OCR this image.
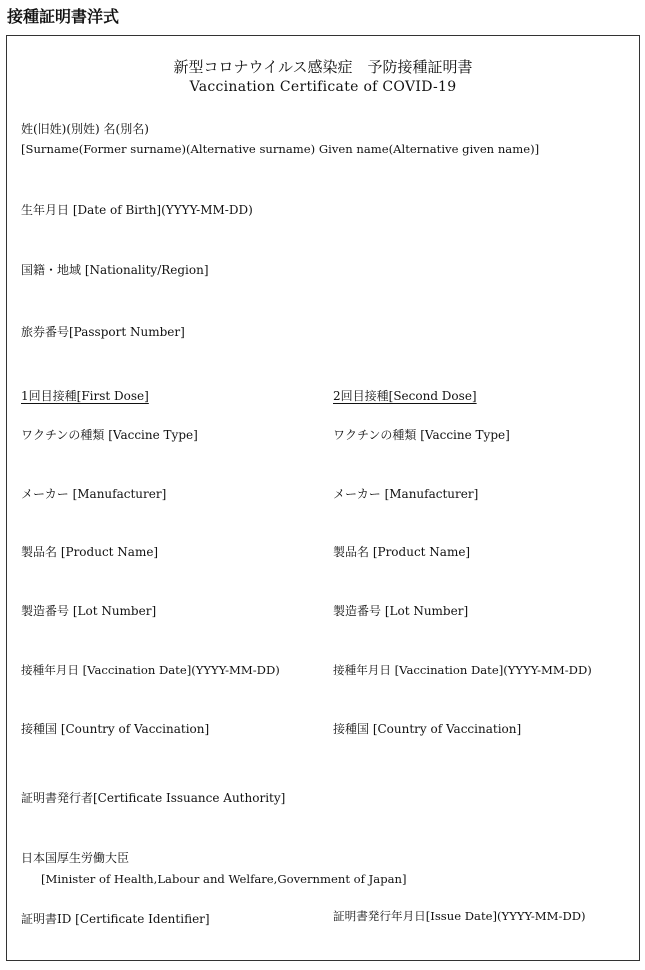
接種証明書洋式
新型コロナウイルス感染症　予防接種証明書
Vaccination Certificate of COVID-19
姓(旧姓)(別姓) 名(別名)
[Surname(Former surname)(Alternative surname) Given name(Alternative given name)]
生年月日 [Date of Birth](YYYY-MM-DD)
国籍・地域 [Nationality/Region]
旅券番号[Passport Number]
1回目接種[First Dose]
ワクチンの種類 [Vaccine Type]
メーカー [Manufacturer]
製品名 [Product Name]
製造番号 [Lot Number]
接種年月日 [Vaccination Date](YYYY-MM-DD)
接種国 [Country of Vaccination]
2回目接種[Second Dose]
ワクチンの種類 [Vaccine Type]
メーカー [Manufacturer]
製品名 [Product Name]
製造番号 [Lot Number]
接種年月日 [Vaccination Date](YYYY-MM-DD)
接種国 [Country of Vaccination]
証明書発行者[Certificate Issuance Authority]
日本国厚生労働大臣
[Minister of Health,Labour and Welfare,Government of Japan]
証明書ID [Certificate Identifier]	証明書発行年月日[Issue Date](YYYY-MM-DD)
